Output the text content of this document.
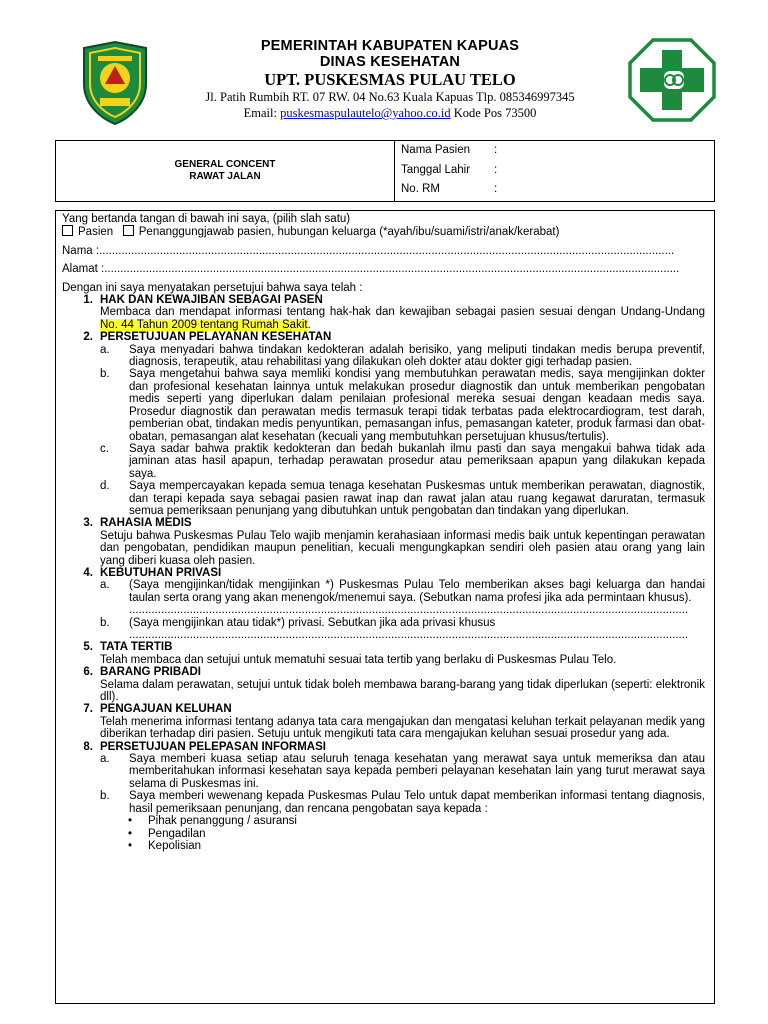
PEMERINTAH KABUPATEN KAPUAS
DINAS KESEHATAN
UPT. PUSKESMAS PULAU TELO
Jl. Patih Rumbih RT. 07 RW. 04 No.63 Kuala Kapuas Tlp. 085346997345
Email: puskesmaspulautelo@yahoo.co.id Kode Pos 73500
GENERAL CONCENT
RAWAT JALAN
Nama Pasien	:
Tanggal Lahir	:
No. RM	:

Yang bertanda tangan di bawah ini saya, (pilih slah satu)

Pasien Penanggungjawab pasien, hubungan keluarga (*ayah/ibu/suami/istri/anak/kerabat)

Nama :....................................................................................................................................................................................
Alamat :....................................................................................................................................................................................

Dengan ini saya menyatakan persetujui bahwa saya telah :

1. HAK DAN KEWAJIBAN SEBAGAI PASEN

Membaca dan mendapat informasi tentang hak-hak dan kewajiban sebagai pasien sesuai dengan Undang-Undang No. 44 Tahun 2009 tentang Rumah Sakit.

2. PERSETUJUAN PELAYANAN KESEHATAN
a.	Saya menyadari bahwa tindakan kedokteran adalah berisiko, yang meliputi tindakan medis berupa preventif, diagnosis, terapeutik, atau rehabilitasi yang dilakukan oleh dokter atau dokter gigi terhadap pasien.
b.	Saya mengetahui bahwa saya memliki kondisi yang membutuhkan perawatan medis, saya mengijinkan dokter dan profesional kesehatan lainnya untuk melakukan prosedur diagnostik dan untuk memberikan pengobatan medis seperti yang diperlukan dalam penilaian profesional mereka sesuai dengan keadaan medis saya. Prosedur diagnostik dan perawatan medis termasuk terapi tidak terbatas pada elektrocardiogram, test darah, pemberian obat, tindakan medis penyuntikan, pemasangan infus, pemasangan kateter, produk farmasi dan obat-obatan, pemasangan alat kesehatan (kecuali yang membutuhkan persetujuan khusus/tertulis).
c.	Saya sadar bahwa praktik kedokteran dan bedah bukanlah ilmu pasti dan saya mengakui bahwa tidak ada jaminan atas hasil apapun, terhadap perawatan prosedur atau pemeriksaan apapun yang dilakukan kepada saya.
d.	Saya mempercayakan kepada semua tenaga kesehatan Puskesmas untuk memberikan perawatan, diagnostik, dan terapi kepada saya sebagai pasien rawat inap dan rawat jalan atau ruang kegawat daruratan, termasuk semua pemeriksaan penunjang yang dibutuhkan untuk pengobatan dan tindakan yang diperlukan.
3. RAHASIA MEDIS

Setuju bahwa Puskesmas Pulau Telo wajib menjamin kerahasiaan informasi medis baik untuk kepentingan perawatan dan pengobatan, pendidikan maupun penelitian, kecuali mengungkapkan sendiri oleh pasien atau orang yang lain yang diberi kuasa oleh pasien.

4. KEBUTUHAN PRIVASI
a.	(Saya mengijinkan/tidak mengijinkan *) Puskesmas Pulau Telo memberikan akses bagi keluarga dan handai taulan serta orang yang akan menengok/menemui saya. (Sebutkan nama profesi jika ada permintaan khusus).
...............................................................................................................................................................................
b.	(Saya mengijinkan atau tidak*) privasi. Sebutkan jika ada privasi khusus
...............................................................................................................................................................................
5. TATA TERTIB

Telah membaca dan setujui untuk mematuhi sesuai tata tertib yang berlaku di Puskesmas Pulau Telo.

6. BARANG PRIBADI

Selama dalam perawatan, setujui untuk tidak boleh membawa barang-barang yang tidak diperlukan (seperti: elektronik dll).

7. PENGAJUAN KELUHAN

Telah menerima informasi tentang adanya tata cara mengajukan dan mengatasi keluhan terkait pelayanan medik yang diberikan terhadap diri pasien. Setuju untuk mengikuti tata cara mengajukan keluhan sesuai prosedur yang ada.

8. PERSETUJUAN PELEPASAN INFORMASI
a.	Saya memberi kuasa setiap atau seluruh tenaga kesehatan yang merawat saya untuk memeriksa dan atau memberitahukan informasi kesehatan saya kepada pemberi pelayanan kesehatan lain yang turut merawat saya selama di Puskesmas ini.
b.	Saya memberi wewenang kepada Puskesmas Pulau Telo untuk dapat memberikan informasi tentang diagnosis, hasil pemeriksaan penunjang, dan rencana pengobatan saya kepada :
•	Pihak penanggung / asuransi
•	Pengadilan
•	Kepolisian
